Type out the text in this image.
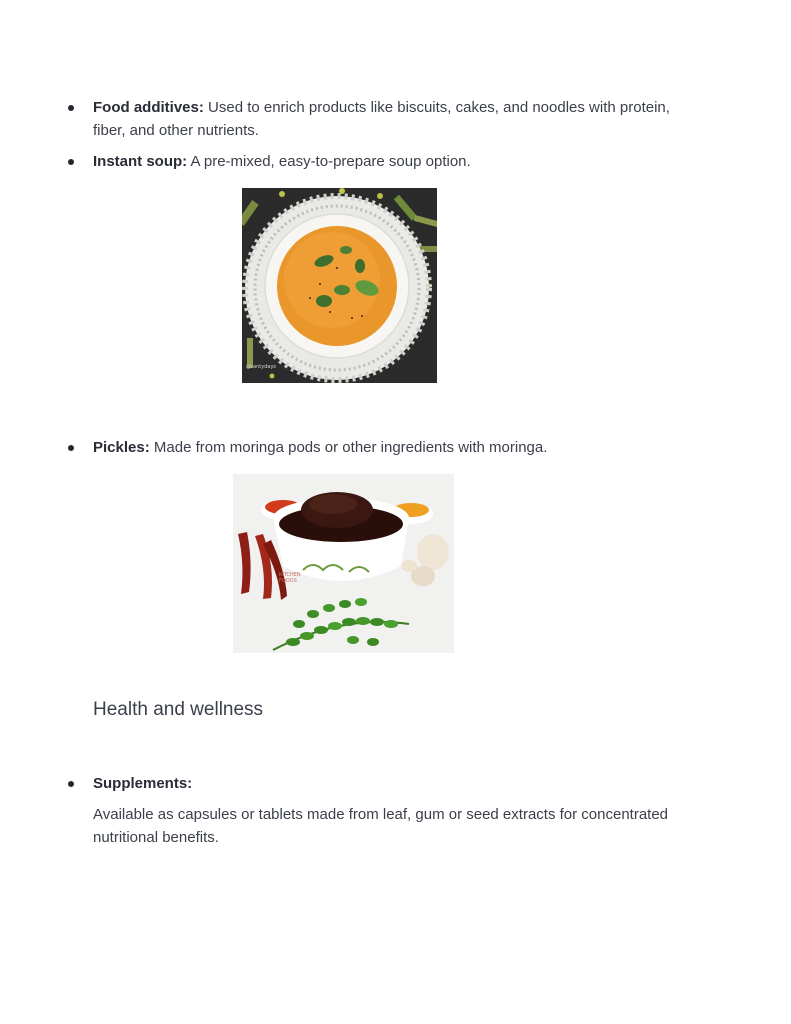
Food additives: Used to enrich products like biscuits, cakes, and noodles with protein, fiber, and other nutrients.
Instant soup: A pre-mixed, easy-to-prepare soup option.
@rantydays
Pickles: Made from moringa pods or other ingredients with moringa.
KITCHEN FOODS
Health and wellness
Supplements:
Available as capsules or tablets made from leaf, gum or seed extracts for concentrated nutritional benefits.
